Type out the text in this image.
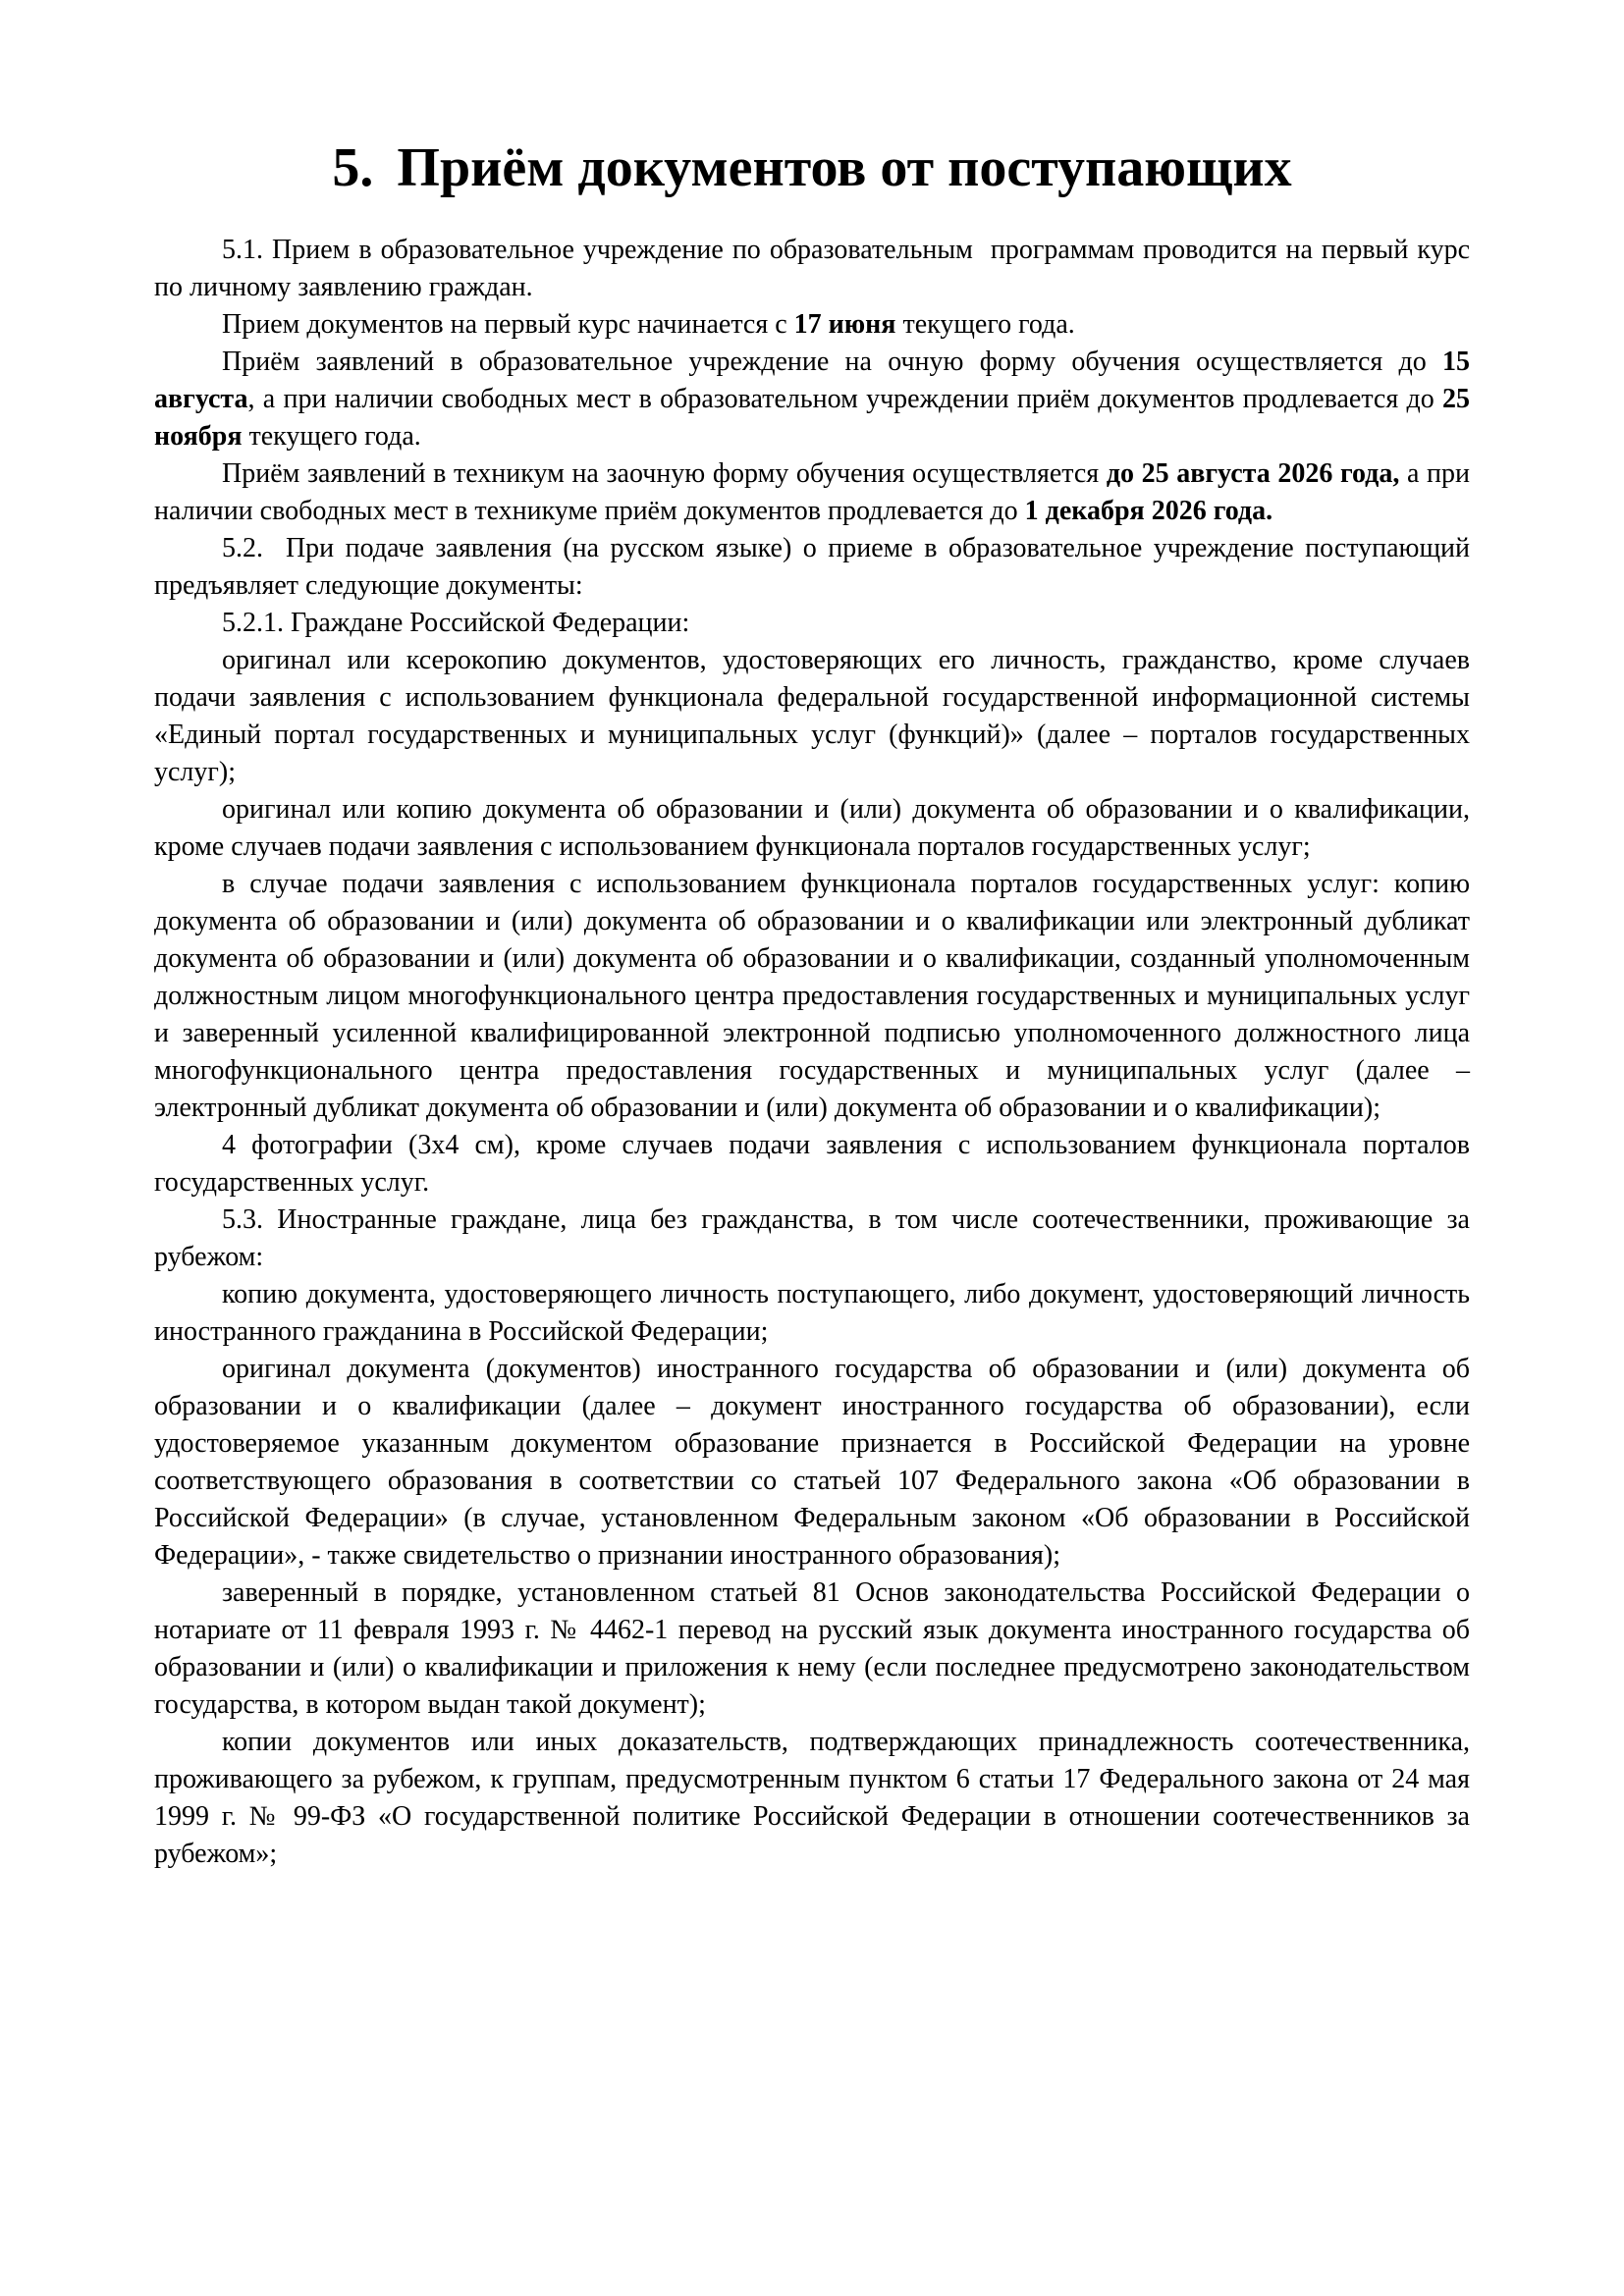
5. Приём документов от поступающих

5.1. Прием в образовательное учреждение по образовательным  программам проводится на первый курс по личному заявлению граждан.

Прием документов на первый курс начинается с 17 июня текущего года.

Приём заявлений в образовательное учреждение на очную форму обучения осуществляется до 15 августа, а при наличии свободных мест в образовательном учреждении приём документов продлевается до 25 ноября текущего года.

Приём заявлений в техникум на заочную форму обучения осуществляется до 25 августа 2026 года, а при наличии свободных мест в техникуме приём документов продлевается до 1 декабря 2026 года.

5.2.  При подаче заявления (на русском языке) о приеме в образовательное учреждение поступающий предъявляет следующие документы:

5.2.1. Граждане Российской Федерации:

оригинал или ксерокопию документов, удостоверяющих его личность, гражданство, кроме случаев подачи заявления с использованием функционала федеральной государственной информационной системы «Единый портал государственных и муниципальных услуг (функций)» (далее – порталов государственных услуг);

оригинал или копию документа об образовании и (или) документа об образовании и о квалификации, кроме случаев подачи заявления с использованием функционала порталов государственных услуг;

в случае подачи заявления с использованием функционала порталов государственных услуг: копию документа об образовании и (или) документа об образовании и о квалификации или электронный дубликат документа об образовании и (или) документа об образовании и о квалификации, созданный уполномоченным должностным лицом многофункционального центра предоставления государственных и муниципальных услуг и заверенный усиленной квалифицированной электронной подписью уполномоченного должностного лица многофункционального центра предоставления государственных и муниципальных услуг (далее – электронный дубликат документа об образовании и (или) документа об образовании и о квалификации);

4 фотографии (3х4 см), кроме случаев подачи заявления с использованием функционала порталов государственных услуг.

5.3. Иностранные граждане, лица без гражданства, в том числе соотечественники, проживающие за рубежом:

копию документа, удостоверяющего личность поступающего, либо документ, удостоверяющий личность иностранного гражданина в Российской Федерации;

оригинал документа (документов) иностранного государства об образовании и (или) документа об образовании и о квалификации (далее – документ иностранного государства об образовании), если удостоверяемое указанным документом образование признается в Российской Федерации на уровне соответствующего образования в соответствии со статьей 107 Федерального закона «Об образовании в Российской Федерации» (в случае, установленном Федеральным законом «Об образовании в Российской Федерации», - также свидетельство о признании иностранного образования);

заверенный в порядке, установленном статьей 81 Основ законодательства Российской Федерации о нотариате от 11 февраля 1993 г. № 4462-1 перевод на русский язык документа иностранного государства об образовании и (или) о квалификации и приложения к нему (если последнее предусмотрено законодательством государства, в котором выдан такой документ);

копии документов или иных доказательств, подтверждающих принадлежность соотечественника, проживающего за рубежом, к группам, предусмотренным пунктом 6 статьи 17 Федерального закона от 24 мая 1999 г. № 99-ФЗ «О государственной политике Российской Федерации в отношении соотечественников за рубежом»;
